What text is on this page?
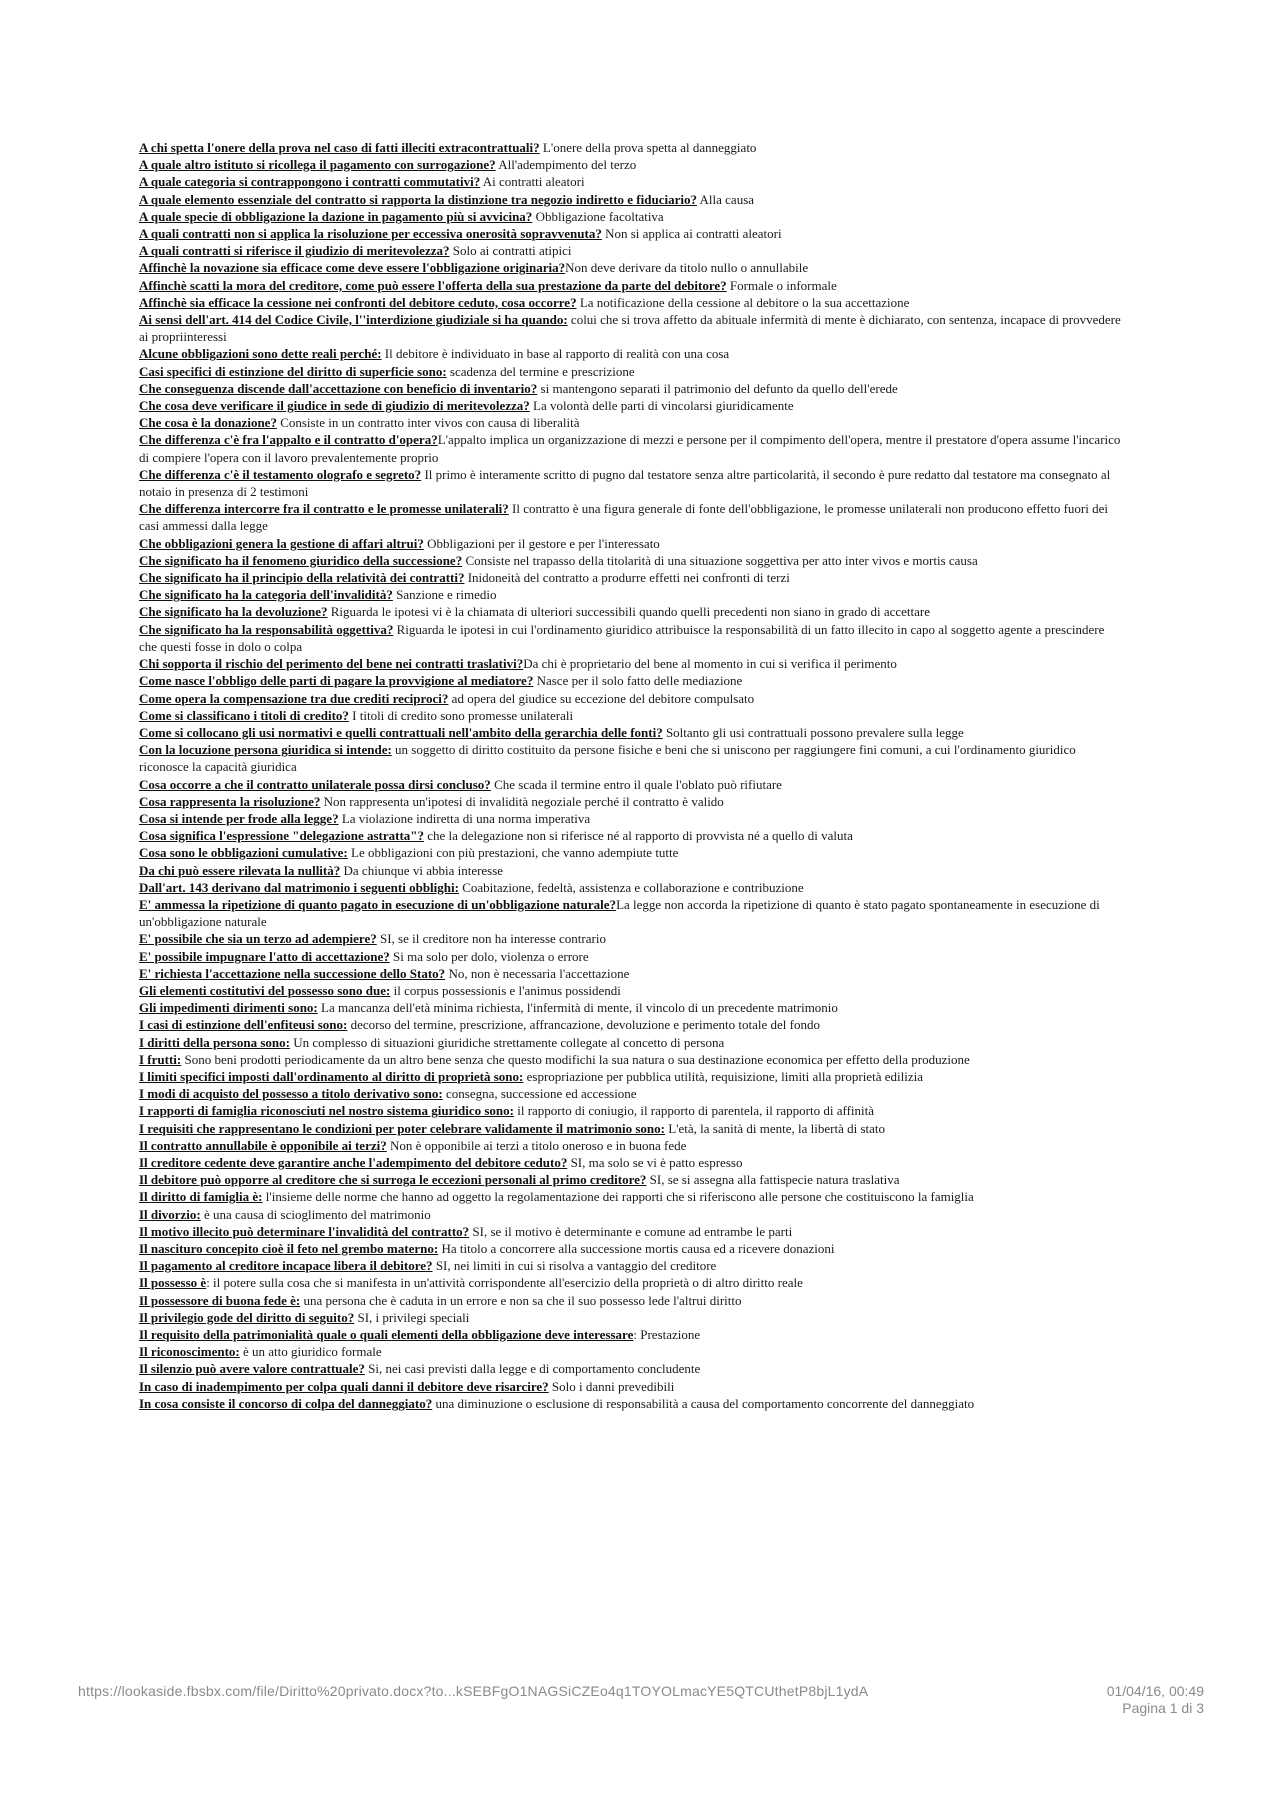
A chi spetta l'onere della prova nel caso di fatti illeciti extracontrattuali? L'onere della prova spetta al danneggiato

A quale altro istituto si ricollega il pagamento con surrogazione? All'adempimento del terzo

A quale categoria si contrappongono i contratti commutativi? Ai contratti aleatori

A quale elemento essenziale del contratto si rapporta la distinzione tra negozio indiretto e fiduciario? Alla causa

A quale specie di obbligazione la dazione in pagamento più si avvicina? Obbligazione facoltativa

A quali contratti non si applica la risoluzione per eccessiva onerosità sopravvenuta? Non si applica ai contratti aleatori

A quali contratti si riferisce il giudizio di meritevolezza? Solo ai contratti atipici

Affinchè la novazione sia efficace come deve essere l'obbligazione originaria?Non deve derivare da titolo nullo o annullabile

Affinchè scatti la mora del creditore, come può essere l'offerta della sua prestazione da parte del debitore? Formale o informale

Affinchè sia efficace la cessione nei confronti del debitore ceduto, cosa occorre? La notificazione della cessione al debitore o la sua accettazione

Ai sensi dell'art. 414 del Codice Civile, l''interdizione giudiziale si ha quando: colui che si trova affetto da abituale infermità di mente è dichiarato, con sentenza, incapace di provvedere ai propriinteressi

Alcune obbligazioni sono dette reali perché: Il debitore è individuato in base al rapporto di realità con una cosa

Casi specifici di estinzione del diritto di superficie sono: scadenza del termine e prescrizione

Che conseguenza discende dall'accettazione con beneficio di inventario? si mantengono separati il patrimonio del defunto da quello dell'erede

Che cosa deve verificare il giudice in sede di giudizio di meritevolezza? La volontà delle parti di vincolarsi giuridicamente

Che cosa è la donazione? Consiste in un contratto inter vivos con causa di liberalità

Che differenza c'è fra l'appalto e il contratto d'opera?L'appalto implica un organizzazione di mezzi e persone per il compimento dell'opera, mentre il prestatore d'opera assume l'incarico di compiere l'opera con il lavoro prevalentemente proprio

Che differenza c'è il testamento olografo e segreto? Il primo è interamente scritto di pugno dal testatore senza altre particolarità, il secondo è pure redatto dal testatore ma consegnato al notaio in presenza di 2 testimoni

Che differenza intercorre fra il contratto e le promesse unilaterali? Il contratto è una figura generale di fonte dell'obbligazione, le promesse unilaterali non producono effetto fuori dei casi ammessi dalla legge

Che obbligazioni genera la gestione di affari altrui? Obbligazioni per il gestore e per l'interessato

Che significato ha il fenomeno giuridico della successione? Consiste nel trapasso della titolarità di una situazione soggettiva per atto inter vivos e mortis causa

Che significato ha il principio della relatività dei contratti? Inidoneità del contratto a produrre effetti nei confronti di terzi

Che significato ha la categoria dell'invalidità? Sanzione e rimedio

Che significato ha la devoluzione? Riguarda le ipotesi vi è la chiamata di ulteriori successibili quando quelli precedenti non siano in grado di accettare

Che significato ha la responsabilità oggettiva? Riguarda le ipotesi in cui l'ordinamento giuridico attribuisce la responsabilità di un fatto illecito in capo al soggetto agente a prescindere che questi fosse in dolo o colpa

Chi sopporta il rischio del perimento del bene nei contratti traslativi?Da chi è proprietario del bene al momento in cui si verifica il perimento

Come nasce l'obbligo delle parti di pagare la provvigione al mediatore? Nasce per il solo fatto delle mediazione

Come opera la compensazione tra due crediti reciproci? ad opera del giudice su eccezione del debitore compulsato

Come si classificano i titoli di credito? I titoli di credito sono promesse unilaterali

Come si collocano gli usi normativi e quelli contrattuali nell'ambito della gerarchia delle fonti? Soltanto gli usi contrattuali possono prevalere sulla legge

Con la locuzione persona giuridica si intende: un soggetto di diritto costituito da persone fisiche e beni che si uniscono per raggiungere fini comuni, a cui l'ordinamento giuridico riconosce la capacità giuridica

Cosa occorre a che il contratto unilaterale possa dirsi concluso? Che scada il termine entro il quale l'oblato può rifiutare

Cosa rappresenta la risoluzione? Non rappresenta un'ipotesi di invalidità negoziale perché il contratto è valido

Cosa si intende per frode alla legge? La violazione indiretta di una norma imperativa

Cosa significa l'espressione "delegazione astratta"? che la delegazione non si riferisce né al rapporto di provvista né a quello di valuta

Cosa sono le obbligazioni cumulative: Le obbligazioni con più prestazioni, che vanno adempiute tutte

Da chi può essere rilevata la nullità? Da chiunque vi abbia interesse

Dall'art. 143 derivano dal matrimonio i seguenti obblighi: Coabitazione, fedeltà, assistenza e collaborazione e contribuzione

E' ammessa la ripetizione di quanto pagato in esecuzione di un'obbligazione naturale?La legge non accorda la ripetizione di quanto è stato pagato spontaneamente in esecuzione di un'obbligazione naturale

E' possibile che sia un terzo ad adempiere? SI, se il creditore non ha interesse contrario

E' possibile impugnare l'atto di accettazione? Si ma solo per dolo, violenza o errore

E' richiesta l'accettazione nella successione dello Stato? No, non è necessaria l'accettazione

Gli elementi costitutivi del possesso sono due: il corpus possessionis e l'animus possidendi

Gli impedimenti dirimenti sono: La mancanza dell'età minima richiesta, l'infermità di mente, il vincolo di un precedente matrimonio

I casi di estinzione dell'enfiteusi sono: decorso del termine, prescrizione, affrancazione, devoluzione e perimento totale del fondo

I diritti della persona sono: Un complesso di situazioni giuridiche strettamente collegate al concetto di persona

I frutti: Sono beni prodotti periodicamente da un altro bene senza che questo modifichi la sua natura o sua destinazione economica per effetto della produzione

I limiti specifici imposti dall'ordinamento al diritto di proprietà sono: espropriazione per pubblica utilità, requisizione, limiti alla proprietà edilizia

I modi di acquisto del possesso a titolo derivativo sono: consegna, successione ed accessione

I rapporti di famiglia riconosciuti nel nostro sistema giuridico sono: il rapporto di coniugio, il rapporto di parentela, il rapporto di affinità

I requisiti che rappresentano le condizioni per poter celebrare validamente il matrimonio sono: L'età, la sanità di mente, la libertà di stato

Il contratto annullabile è opponibile ai terzi? Non è opponibile ai terzi a titolo oneroso e in buona fede

Il creditore cedente deve garantire anche l'adempimento del debitore ceduto? SI, ma solo se vi è patto espresso

Il debitore può opporre al creditore che si surroga le eccezioni personali al primo creditore? SI, se si assegna alla fattispecie natura traslativa

Il diritto di famiglia è: l'insieme delle norme che hanno ad oggetto la regolamentazione dei rapporti che si riferiscono alle persone che costituiscono la famiglia

Il divorzio: è una causa di scioglimento del matrimonio

Il motivo illecito può determinare l'invalidità del contratto? SI, se il motivo è determinante e comune ad entrambe le parti

Il nascituro concepito cioè il feto nel grembo materno: Ha titolo a concorrere alla successione mortis causa ed a ricevere donazioni

Il pagamento al creditore incapace libera il debitore? SI, nei limiti in cui si risolva a vantaggio del creditore

Il possesso è: il potere sulla cosa che si manifesta in un'attività corrispondente all'esercizio della proprietà o di altro diritto reale

Il possessore di buona fede è: una persona che è caduta in un errore e non sa che il suo possesso lede l'altrui diritto

Il privilegio gode del diritto di seguito? SI, i privilegi speciali

Il requisito della patrimonialità quale o quali elementi della obbligazione deve interessare: Prestazione

Il riconoscimento: è un atto giuridico formale

Il silenzio può avere valore contrattuale? Si, nei casi previsti dalla legge e di comportamento concludente

In caso di inadempimento per colpa quali danni il debitore deve risarcire? Solo i danni prevedibili

In cosa consiste il concorso di colpa del danneggiato? una diminuzione o esclusione di responsabilità a causa del comportamento concorrente del danneggiato

https://lookaside.fbsbx.com/file/Diritto%20privato.docx?to...kSEBFgO1NAGSiCZEo4q1TOYOLmacYE5QTCUthetP8bjL1ydA	01/04/16, 00:49
Pagina 1 di 3
